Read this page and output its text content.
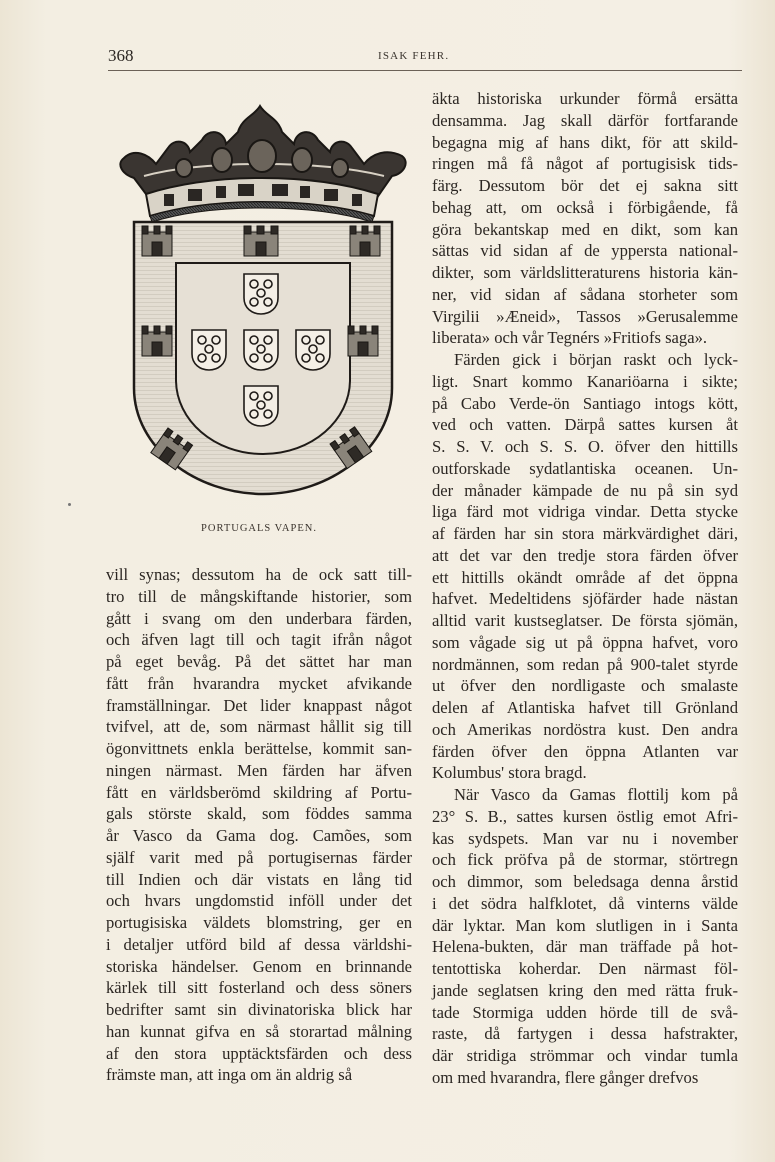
368	ISAK FEHR.
PORTUGALS VAPEN.
vill synas; dessutom ha de ock satt till-
tro till de mångskiftande historier, som
gått i svang om den underbara färden,
och äfven lagt till och tagit ifrån något
på eget bevåg. På det sättet har man
fått från hvarandra mycket afvikande
framställningar. Det lider knappast något
tvifvel, att de, som närmast hållit sig till
ögonvittnets enkla berättelse, kommit san-
ningen närmast. Men färden har äfven
fått en världsberömd skildring af Portu-
gals störste skald, som föddes samma
år Vasco da Gama dog. Camões, som
själf varit med på portugisernas färder
till Indien och där vistats en lång tid
och hvars ungdomstid inföll under det
portugisiska väldets blomstring, ger en
i detaljer utförd bild af dessa världshi-
storiska händelser. Genom en brinnande
kärlek till sitt fosterland och dess söners
bedrifter samt sin divinatoriska blick har
han kunnat gifva en så storartad målning
af den stora upptäcktsfärden och dess
främste man, att inga om än aldrig så
äkta historiska urkunder förmå ersätta
densamma. Jag skall därför fortfarande
begagna mig af hans dikt, för att skild-
ringen må få något af portugisisk tids-
färg. Dessutom bör det ej sakna sitt
behag att, om också i förbigående, få
göra bekantskap med en dikt, som kan
sättas vid sidan af de yppersta national-
dikter, som världslitteraturens historia kän-
ner, vid sidan af sådana storheter som
Virgilii »Æneid», Tassos »Gerusalemme
liberata» och vår Tegnérs »Fritiofs saga».
Färden gick i början raskt och lyck-
ligt. Snart kommo Kanariöarna i sikte;
på Cabo Verde-ön Santiago intogs kött,
ved och vatten. Därpå sattes kursen åt
S. S. V. och S. S. O. öfver den hittills
outforskade sydatlantiska oceanen. Un-
der månader kämpade de nu på sin syd
liga färd mot vidriga vindar. Detta stycke
af färden har sin stora märkvärdighet däri,
att det var den tredje stora färden öfver
ett hittills okändt område af det öppna
hafvet. Medeltidens sjöfärder hade nästan
alltid varit kustseglatser. De första sjömän,
som vågade sig ut på öppna hafvet, voro
nordmännen, som redan på 900-talet styrde
ut öfver den nordligaste och smalaste
delen af Atlantiska hafvet till Grönland
och Amerikas nordöstra kust. Den andra
färden öfver den öppna Atlanten var
Kolumbus' stora bragd.
När Vasco da Gamas flottilj kom på
23° S. B., sattes kursen östlig emot Afri-
kas sydspets. Man var nu i november
och fick pröfva på de stormar, störtregn
och dimmor, som beledsaga denna årstid
i det södra halfklotet, då vinterns välde
där lyktar. Man kom slutligen in i Santa
Helena-bukten, där man träffade på hot-
tentottiska koherdar. Den närmast föl-
jande seglatsen kring den med rätta fruk-
tade Stormiga udden hörde till de svå-
raste, då fartygen i dessa hafstrakter,
där stridiga strömmar och vindar tumla
om med hvarandra, flere gånger drefvos
